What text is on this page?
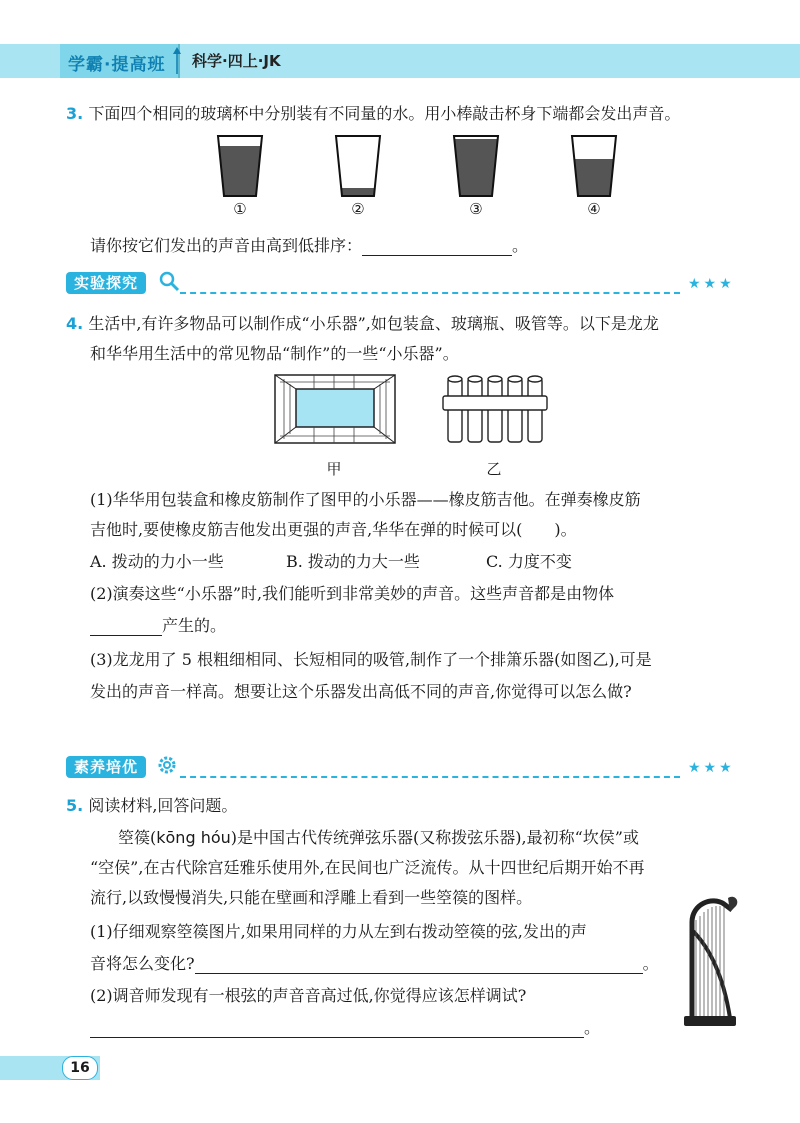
学霸·提高班 科学·四上·JK
3. 下面四个相同的玻璃杯中分别装有不同量的水。用小棒敲击杯身下端都会发出声音。
①	②	③	④
请你按它们发出的声音由高到低排序：	。
实验探究	★★★
4. 生活中,有许多物品可以制作成“小乐器”,如包装盒、玻璃瓶、吸管等。以下是龙龙
和华华用生活中的常见物品“制作”的一些“小乐器”。
甲	乙
(1)华华用包装盒和橡皮筋制作了图甲的小乐器——橡皮筋吉他。在弹奏橡皮筋
吉他时,要使橡皮筋吉他发出更强的声音,华华在弹的时候可以(　　)。
A. 拨动的力小一些	B. 拨动的力大一些	C. 力度不变
(2)演奏这些“小乐器”时,我们能听到非常美妙的声音。这些声音都是由物体
产生的。
(3)龙龙用了 5 根粗细相同、长短相同的吸管,制作了一个排箫乐器(如图乙),可是
发出的声音一样高。想要让这个乐器发出高低不同的声音,你觉得可以怎么做?
素养培优	★★★
5. 阅读材料,回答问题。
箜篌(kōng hóu)是中国古代传统弹弦乐器(又称拨弦乐器),最初称“坎侯”或
“空侯”,在古代除宫廷雅乐使用外,在民间也广泛流传。从十四世纪后期开始不再
流行,以致慢慢消失,只能在壁画和浮雕上看到一些箜篌的图样。
(1)仔细观察箜篌图片,如果用同样的力从左到右拨动箜篌的弦,发出的声
音将怎么变化?	。
(2)调音师发现有一根弦的声音音高过低,你觉得应该怎样调试?
。
16
